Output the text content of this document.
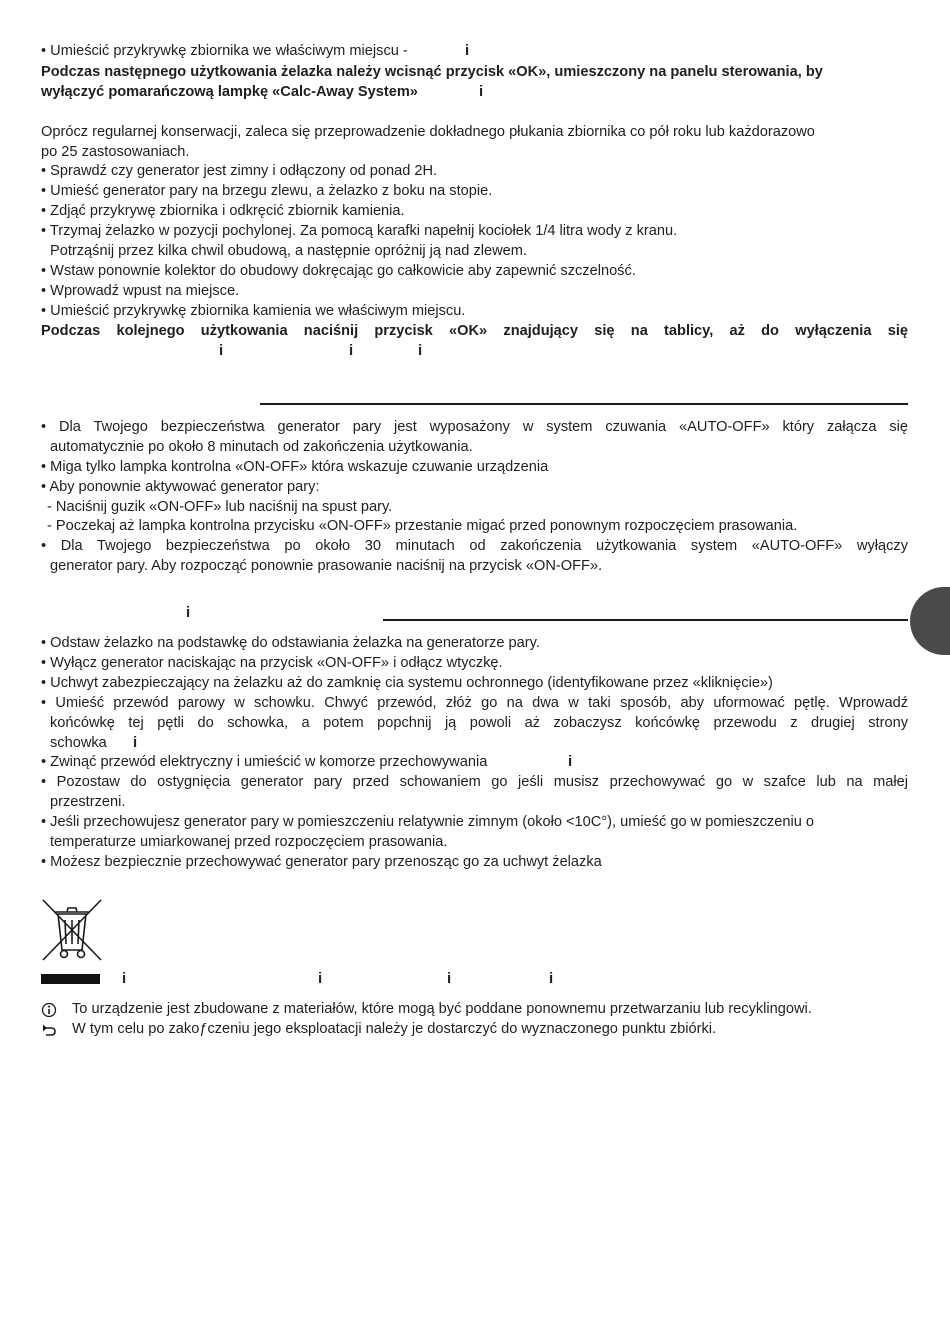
• Umieścić przykrywkę zbiornika we właściwym miejscu -	i
Podczas następnego użytkowania żelazka należy wcisnąć przycisk «OK», umieszczony na panelu sterowania, by
wyłączyć pomarańczową lampkę «Calc-Away System»	i
Oprócz regularnej konserwacji, zaleca się przeprowadzenie dokładnego płukania zbiornika co pół roku lub każdorazowo
po 25 zastosowaniach.
• Sprawdź czy generator jest zimny i odłączony od ponad 2H.
• Umieść generator pary na brzegu zlewu, a żelazko z boku na stopie.
• Zdjąć przykrywę zbiornika i odkręcić zbiornik kamienia.
• Trzymaj żelazko w pozycji pochylonej. Za pomocą karafki napełnij kociołek 1/4 litra wody z kranu.
Potrząśnij przez kilka chwil obudową, a następnie opróżnij ją nad zlewem.
• Wstaw ponownie kolektor do obudowy dokręcając go całkowicie aby zapewnić szczelność.
• Wprowadź wpust na miejsce.
• Umieścić przykrywkę zbiornika kamienia we właściwym miejscu.
Podczas kolejnego użytkowania naciśnij przycisk «OK» znajdujący się na tablicy, aż do wyłączenia się
i	i	i
• Dla Twojego bezpieczeństwa generator pary jest wyposażony w system czuwania «AUTO-OFF» który załącza się
automatycznie po około 8 minutach od zakończenia użytkowania.
• Miga tylko lampka kontrolna «ON-OFF» która wskazuje czuwanie urządzenia
• Aby ponownie aktywować generator pary:
- Naciśnij guzik «ON-OFF» lub naciśnij na spust pary.
- Poczekaj aż lampka kontrolna przycisku «ON-OFF» przestanie migać przed ponownym rozpoczęciem prasowania.
• Dla Twojego bezpieczeństwa po około 30 minutach od zakończenia użytkowania system «AUTO-OFF» wyłączy
generator pary. Aby rozpocząć ponownie prasowanie naciśnij na przycisk «ON-OFF».
i
• Odstaw żelazko na podstawkę do odstawiania żelazka na generatorze pary.
• Wyłącz generator naciskając na przycisk «ON-OFF» i odłącz wtyczkę.
• Uchwyt zabezpieczający na żelazku aż do zamknię cia systemu ochronnego (identyfikowane przez «kliknięcie»)
• Umieść przewód parowy w schowku. Chwyć przewód, złóż go na dwa w taki sposób, aby uformować pętlę. Wprowadź
końcówkę tej pętli do schowka, a potem popchnij ją powoli aż zobaczysz końcówkę przewodu z drugiej strony
schowka i
• Zwinąć przewód elektryczny i umieścić w komorze przechowywania	i
• Pozostaw do ostygnięcia generator pary przed schowaniem go jeśli musisz przechowywać go w szafce lub na małej
przestrzeni.
• Jeśli przechowujesz generator pary w pomieszczeniu relatywnie zimnym (około <10C°), umieść go w pomieszczeniu o
temperaturze umiarkowanej przed rozpoczęciem prasowania.
• Możesz bezpiecznie przechowywać generator pary przenosząc go za uchwyt żelazka
i	i	i	i
To urządzenie jest zbudowane z materiałów, które mogą być poddane ponownemu przetwarzaniu lub recyklingowi.
W tym celu po zakoƒczeniu jego eksploatacji należy je dostarczyć do wyznaczonego punktu zbiórki.
